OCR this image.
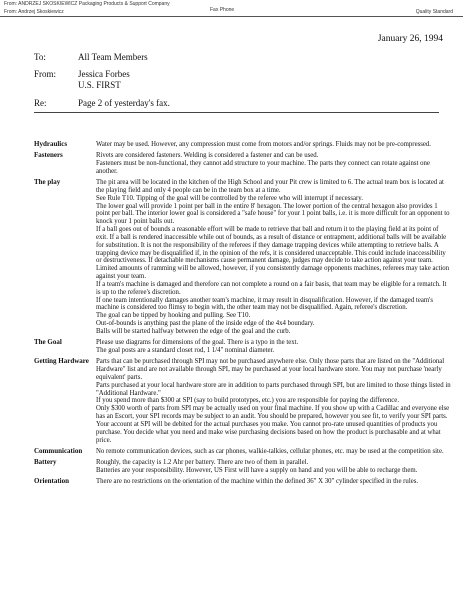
From: ANDRZEJ SKOSKIEWICZ Packaging Products & Support Company
From: Andrzej Skoskiewicz	Fax Phone	Quality Standard
January 26, 1994
To:	All Team Members
From:	Jessica Forbes
U.S. FIRST
Re:	Page 2 of yesterday's fax.
Hydraulics	Water may be used. However, any compression must come from motors and/or springs. Fluids may not be pre-compressed.

Fasteners	Rivets are considered fasteners. Welding is considered a fastener and can be used.

Fasteners must be non-functional, they cannot add structure to your machine. The parts they connect can rotate against one another.

The play	The pit area will be located in the kitchen of the High School and your Pit crew is limited to 6. The actual team box is located at the playing field and only 4 people can be in the team box at a time.

See Rule T10. Tipping of the goal will be controlled by the referee who will interrupt if necessary.

The lower goal will provide 1 point per ball in the entire 8' hexagon. The lower portion of the central hexagon also provides 1 point per ball. The interior lower goal is considered a "safe house" for your 1 point balls, i.e. it is more difficult for an opponent to knock your 1 point balls out.

If a ball goes out of bounds a reasonable effort will be made to retrieve that ball and return it to the playing field at its point of exit. If a ball is rendered inaccessible while out of bounds, as a result of distance or entrapment, additional balls will be available for substitution. It is not the responsibility of the referees if they damage trapping devices while attempting to retrieve balls. A trapping device may be disqualified if, in the opinion of the refs, it is considered unacceptable. This could include inaccessibility or destructiveness. If detachable mechanisms cause permanent damage, judges may decide to take action against your team.

Limited amounts of ramming will be allowed, however, if you consistently damage opponents machines, referees may take action against your team.

If a team's machine is damaged and therefore can not complete a round on a fair basis, that team may be eligible for a rematch. It is up to the referee's discretion.

If one team intentionally damages another team's machine, it may result in disqualification. However, if the damaged team's machine is considered too flimsy to begin with, the other team may not be disqualified. Again, referee's discretion.

The goal can be tipped by hooking and pulling. See T10.

Out-of-bounds is anything past the plane of the inside edge of the 4x4 boundary.

Balls will be started halfway between the edge of the goal and the curb.

The Goal	Please use diagrams for dimensions of the goal. There is a typo in the text.

The goal posts are a standard closet rod, 1 1/4" nominal diameter.

Getting Hardware	Parts that can be purchased through SPI may not be purchased anywhere else. Only those parts that are listed on the "Additional Hardware" list and are not available through SPI, may be purchased at your local hardware store. You may not purchase 'nearly equivalent' parts.

Parts purchased at your local hardware store are in addition to parts purchased through SPI, but are limited to those things listed in "Additional Hardware."

If you spend more than $300 at SPI (say to build prototypes, etc.) you are responsible for paying the difference.

Only $300 worth of parts from SPI may be actually used on your final machine. If you show up with a Cadillac and everyone else has an Escort, your SPI records may be subject to an audit. You should be prepared, however you see fit, to verify your SPI parts.

Your account at SPI will be debited for the actual purchases you make. You cannot pro-rate unused quantities of products you purchase. You decide what you need and make wise purchasing decisions based on how the product is purchasable and at what price.

Communication	No remote communication devices, such as car phones, walkie-talkies, cellular phones, etc. may be used at the competition site.

Battery	Roughly, the capacity is 1.2 Ahr per battery. There are two of them in parallel.

Batteries are your responsibility. However, US First will have a supply on hand and you will be able to recharge them.

Orientation	There are no restrictions on the orientation of the machine within the defined 36" X 30" cylinder specified in the rules.
